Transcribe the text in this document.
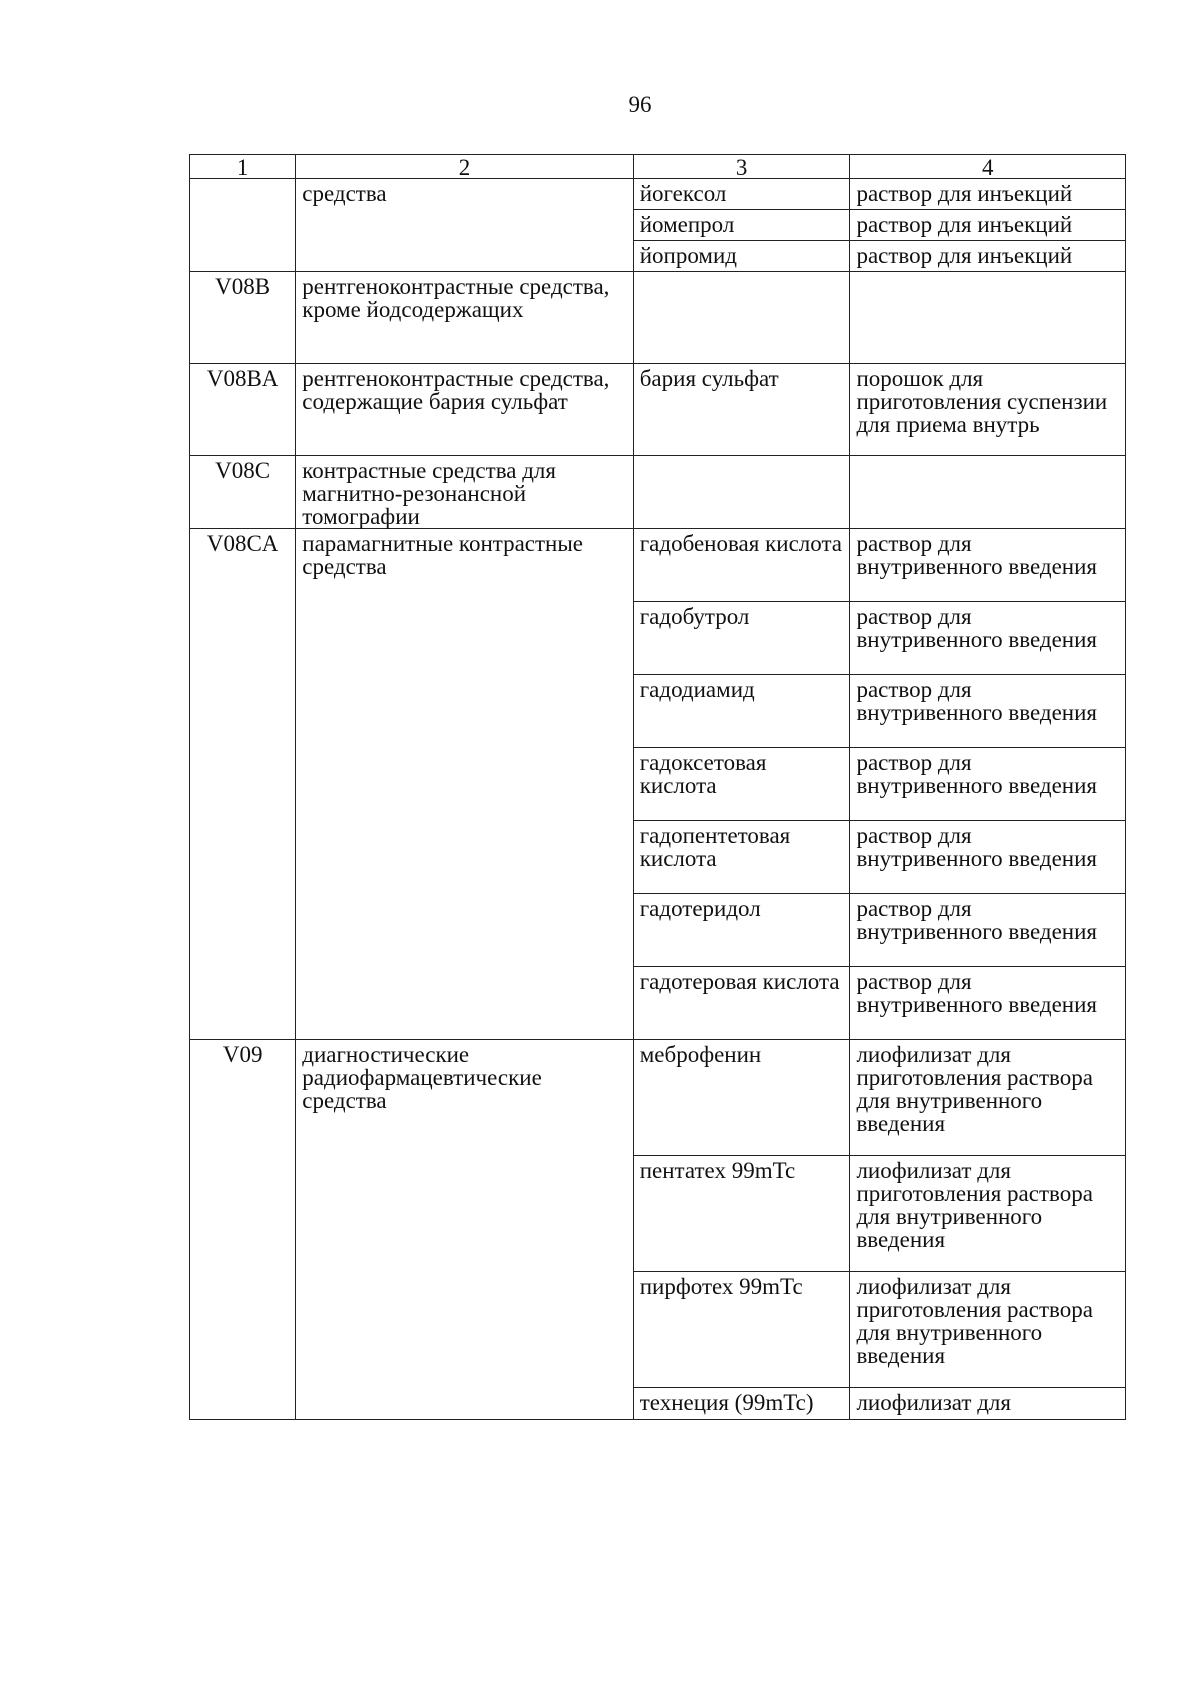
96
1	2	3	4
	средства	йогексол	раствор для инъекций
		йомепрол	раствор для инъекций
		йопромид	раствор для инъекций
V08B	рентгеноконтрастные средства, кроме йодсодержащих		
V08BA	рентгеноконтрастные средства, содержащие бария сульфат	бария сульфат	порошок для приготовления суспензии для приема внутрь
V08C	контрастные средства для магнитно-резонансной томографии		
V08CA	парамагнитные контрастные средства	гадобеновая кислота	раствор для внутривенного введения
		гадобутрол	раствор для внутривенного введения
		гадодиамид	раствор для внутривенного введения
		гадоксетовая кислота	раствор для внутривенного введения
		гадопентетовая кислота	раствор для внутривенного введения
		гадотеридол	раствор для внутривенного введения
		гадотеровая кислота	раствор для внутривенного введения
V09	диагностические радиофармацевтические средства	меброфенин	лиофилизат для приготовления раствора для внутривенного введения
		пентатех 99mTc	лиофилизат для приготовления раствора для внутривенного введения
		пирфотех 99mTc	лиофилизат для приготовления раствора для внутривенного введения
		технеция (99mTc)	лиофилизат для
